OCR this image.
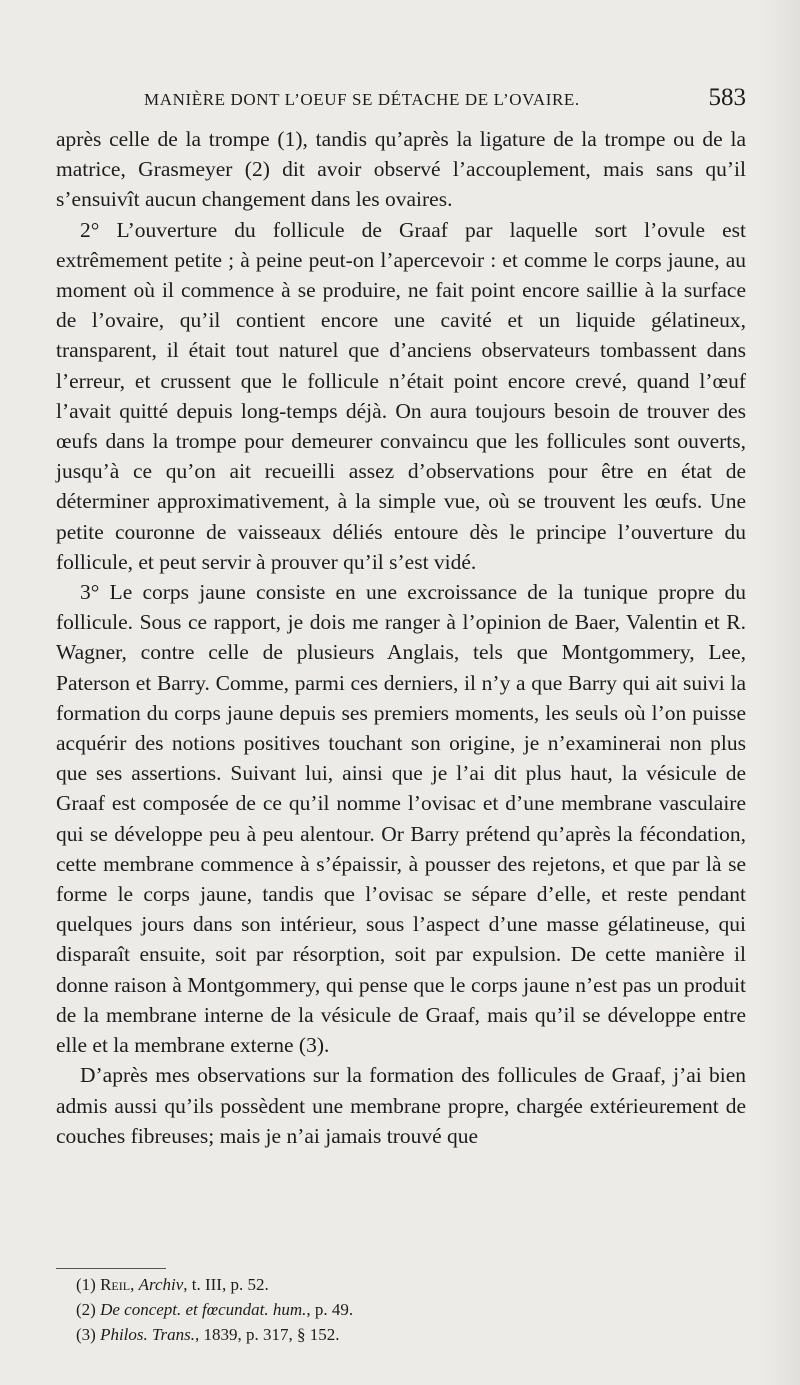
MANIÈRE DONT L’OEUF SE DÉTACHE DE L’OVAIRE.	583

après celle de la trompe (1), tandis qu’après la ligature de la trompe ou de la matrice, Grasmeyer (2) dit avoir observé l’accouplement, mais sans qu’il s’ensuivît aucun changement dans les ovaires.

2° L’ouverture du follicule de Graaf par laquelle sort l’ovule est extrêmement petite ; à peine peut-on l’apercevoir : et comme le corps jaune, au moment où il commence à se produire, ne fait point encore saillie à la surface de l’ovaire, qu’il contient encore une cavité et un liquide gélatineux, transparent, il était tout naturel que d’anciens observateurs tombassent dans l’erreur, et crussent que le follicule n’était point encore crevé, quand l’œuf l’avait quitté depuis long-temps déjà. On aura toujours besoin de trouver des œufs dans la trompe pour demeurer convaincu que les follicules sont ouverts, jusqu’à ce qu’on ait recueilli assez d’observations pour être en état de déterminer approximativement, à la simple vue, où se trouvent les œufs. Une petite couronne de vaisseaux déliés entoure dès le principe l’ouverture du follicule, et peut servir à prouver qu’il s’est vidé.

3° Le corps jaune consiste en une excroissance de la tunique propre du follicule. Sous ce rapport, je dois me ranger à l’opinion de Baer, Valentin et R. Wagner, contre celle de plusieurs Anglais, tels que Montgommery, Lee, Paterson et Barry. Comme, parmi ces derniers, il n’y a que Barry qui ait suivi la formation du corps jaune depuis ses premiers moments, les seuls où l’on puisse acquérir des notions positives touchant son origine, je n’examinerai non plus que ses assertions. Suivant lui, ainsi que je l’ai dit plus haut, la vésicule de Graaf est composée de ce qu’il nomme l’ovisac et d’une membrane vasculaire qui se développe peu à peu alentour. Or Barry prétend qu’après la fécondation, cette membrane commence à s’épaissir, à pousser des rejetons, et que par là se forme le corps jaune, tandis que l’ovisac se sépare d’elle, et reste pendant quelques jours dans son intérieur, sous l’aspect d’une masse gélatineuse, qui disparaît ensuite, soit par résorption, soit par expulsion. De cette manière il donne raison à Montgommery, qui pense que le corps jaune n’est pas un produit de la membrane interne de la vésicule de Graaf, mais qu’il se développe entre elle et la membrane externe (3).

D’après mes observations sur la formation des follicules de Graaf, j’ai bien admis aussi qu’ils possèdent une membrane propre, chargée extérieurement de couches fibreuses; mais je n’ai jamais trouvé que

(1) Reil, Archiv, t. III, p. 52.
(2) De concept. et fœcundat. hum., p. 49.
(3) Philos. Trans., 1839, p. 317, § 152.
